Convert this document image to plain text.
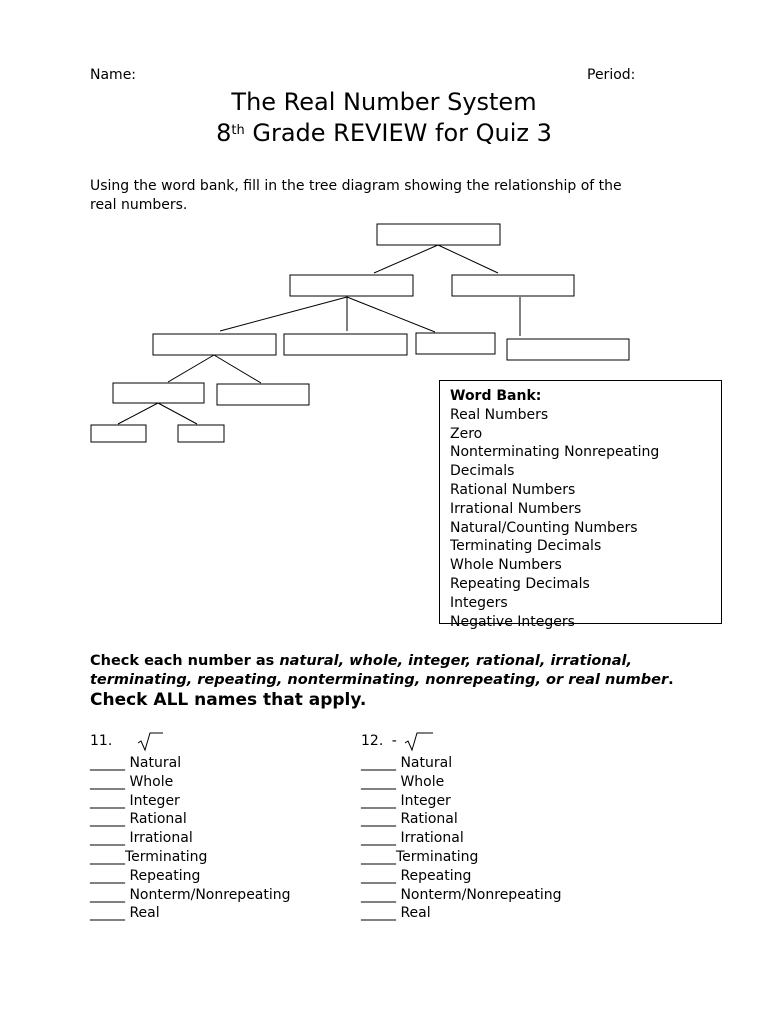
Name:	Period:
The Real Number System
8th Grade REVIEW for Quiz 3
Using the word bank, fill in the tree diagram showing the relationship of the real numbers.
Word Bank:
Real Numbers
Zero
Nonterminating Nonrepeating Decimals
Rational Numbers
Irrational Numbers
Natural/Counting Numbers
Terminating Decimals
Whole Numbers
Repeating Decimals
Integers
Negative Integers
Check each number as natural, whole, integer, rational, irrational, terminating, repeating, nonterminating, nonrepeating, or real number.
Check ALL names that apply.
11.
_____ Natural
_____ Whole
_____ Integer
_____ Rational
_____ Irrational
_____Terminating
_____ Repeating
_____ Nonterm/Nonrepeating
_____ Real
12. -
_____ Natural
_____ Whole
_____ Integer
_____ Rational
_____ Irrational
_____Terminating
_____ Repeating
_____ Nonterm/Nonrepeating
_____ Real
